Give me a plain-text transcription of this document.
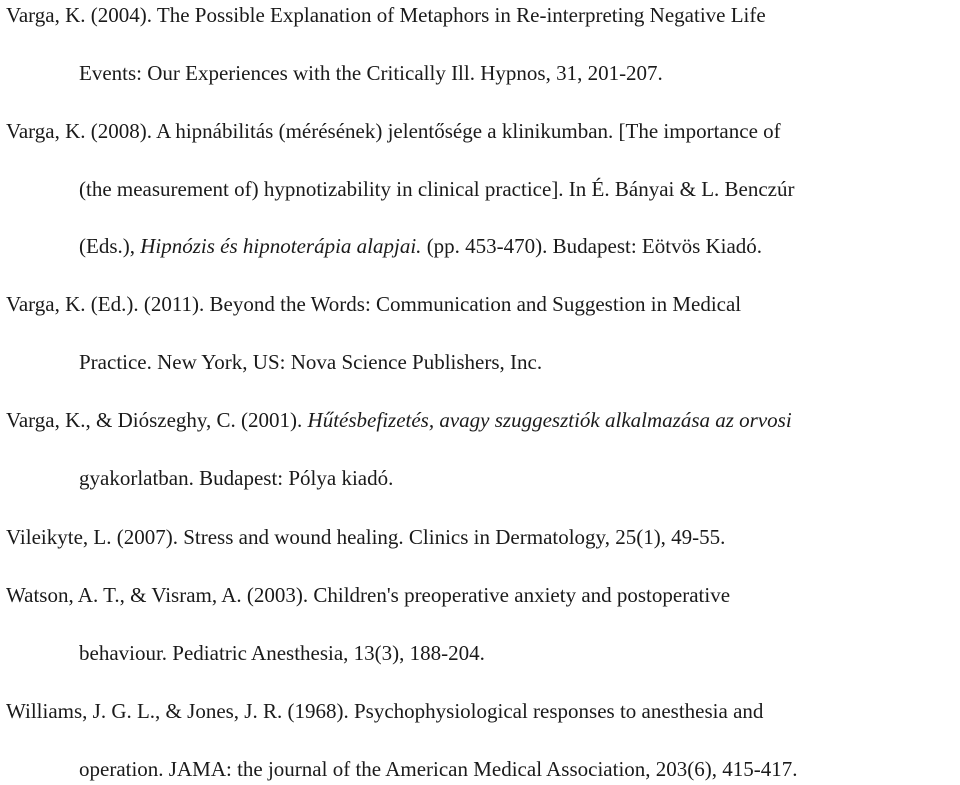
Varga, K. (2004). The Possible Explanation of Metaphors in Re-interpreting Negative Life
Events: Our Experiences with the Critically Ill. Hypnos, 31, 201-207.
Varga, K. (2008). A hipnábilitás (mérésének) jelentősége a klinikumban. [The importance of
(the measurement of) hypnotizability in clinical practice]. In É. Bányai & L. Benczúr
(Eds.), Hipnózis és hipnoterápia alapjai. (pp. 453-470). Budapest: Eötvös Kiadó.
Varga, K. (Ed.). (2011). Beyond the Words: Communication and Suggestion in Medical
Practice. New York, US: Nova Science Publishers, Inc.
Varga, K., & Diószeghy, C. (2001). Hűtésbefizetés, avagy szuggesztiók alkalmazása az orvosi
gyakorlatban. Budapest: Pólya kiadó.
Vileikyte, L. (2007). Stress and wound healing. Clinics in Dermatology, 25(1), 49-55.
Watson, A. T., & Visram, A. (2003). Children's preoperative anxiety and postoperative
behaviour. Pediatric Anesthesia, 13(3), 188-204.
Williams, J. G. L., & Jones, J. R. (1968). Psychophysiological responses to anesthesia and
operation. JAMA: the journal of the American Medical Association, 203(6), 415-417.
